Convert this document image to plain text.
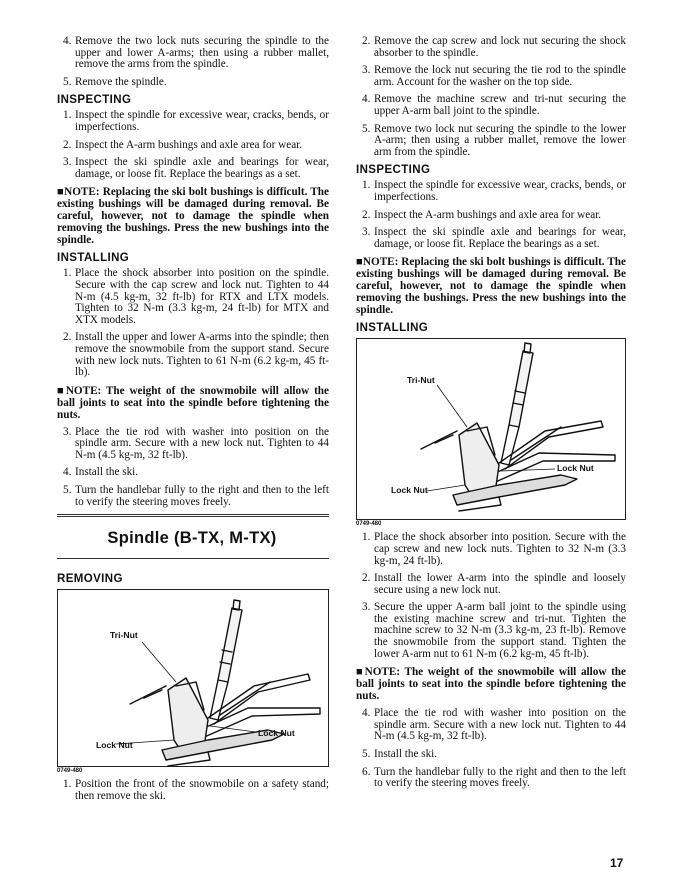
4. Remove the two lock nuts securing the spindle to the upper and lower A-arms; then using a rubber mallet, remove the arms from the spindle.
5. Remove the spindle.
INSPECTING
1. Inspect the spindle for excessive wear, cracks, bends, or imperfections.
2. Inspect the A-arm bushings and axle area for wear.
3. Inspect the ski spindle axle and bearings for wear, damage, or loose fit. Replace the bearings as a set.

■NOTE: Replacing the ski bolt bushings is difficult. The existing bushings will be damaged during removal. Be careful, however, not to damage the spindle when removing the bushings. Press the new bushings into the spindle.

INSTALLING
1. Place the shock absorber into position on the spindle. Secure with the cap screw and lock nut. Tighten to 44 N-m (4.5 kg-m, 32 ft-lb) for RTX and LTX models. Tighten to 32 N-m (3.3 kg-m, 24 ft-lb) for MTX and XTX models.
2. Install the upper and lower A-arms into the spindle; then remove the snowmobile from the support stand. Secure with new lock nuts. Tighten to 61 N-m (6.2 kg-m, 45 ft-lb).

■NOTE: The weight of the snowmobile will allow the ball joints to seat into the spindle before tightening the nuts.

3. Place the tie rod with washer into position on the spindle arm. Secure with a new lock nut. Tighten to 44 N-m (4.5 kg-m, 32 ft-lb).
4. Install the ski.
5. Turn the handlebar fully to the right and then to the left to verify the steering moves freely.
Spindle (B-TX, M-TX)
REMOVING
Tri-Nut
Lock Nut
Lock Nut
0749-480
1. Position the front of the snowmobile on a safety stand; then remove the ski.
2. Remove the cap screw and lock nut securing the shock absorber to the spindle.
3. Remove the lock nut securing the tie rod to the spindle arm. Account for the washer on the top side.
4. Remove the machine screw and tri-nut securing the upper A-arm ball joint to the spindle.
5. Remove two lock nut securing the spindle to the lower A-arm; then using a rubber mallet, remove the lower arm from the spindle.
INSPECTING
1. Inspect the spindle for excessive wear, cracks, bends, or imperfections.
2. Inspect the A-arm bushings and axle area for wear.
3. Inspect the ski spindle axle and bearings for wear, damage, or loose fit. Replace the bearings as a set.

■NOTE: Replacing the ski bolt bushings is difficult. The existing bushings will be damaged during removal. Be careful, however, not to damage the spindle when removing the bushings. Press the new bushings into the spindle.

INSTALLING
Tri-Nut
Lock Nut
Lock Nut
0749-480
1. Place the shock absorber into position. Secure with the cap screw and new lock nuts. Tighten to 32 N-m (3.3 kg-m, 24 ft-lb).
2. Install the lower A-arm into the spindle and loosely secure using a new lock nut.
3. Secure the upper A-arm ball joint to the spindle using the existing machine screw and tri-nut. Tighten the machine screw to 32 N-m (3.3 kg-m, 23 ft-lb). Remove the snowmobile from the support stand. Tighten the lower A-arm nut to 61 N-m (6.2 kg-m, 45 ft-lb).

■NOTE: The weight of the snowmobile will allow the ball joints to seat into the spindle before tightening the nuts.

4. Place the tie rod with washer into position on the spindle arm. Secure with a new lock nut. Tighten to 44 N-m (4.5 kg-m, 32 ft-lb).
5. Install the ski.
6. Turn the handlebar fully to the right and then to the left to verify the steering moves freely.
17
